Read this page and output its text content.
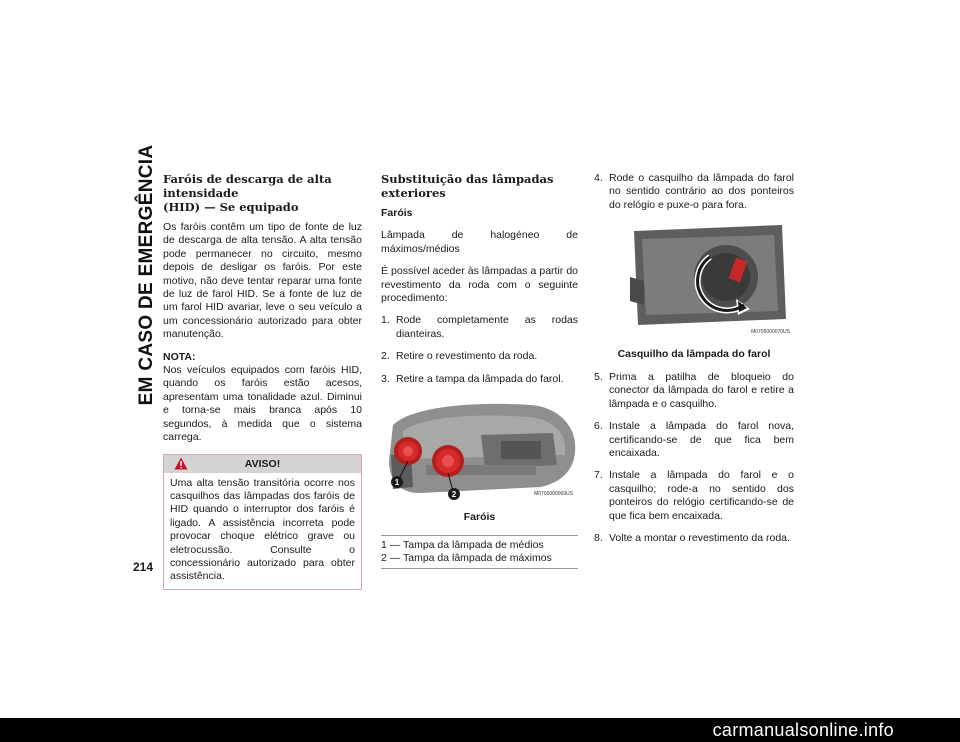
EM CASO DE EMERGÊNCIA
214
Faróis de descarga de alta intensidade
(HID) — Se equipado

Os faróis contêm um tipo de fonte de luz de descarga de alta tensão. A alta tensão pode permanecer no circuito, mesmo depois de desligar os faróis. Por este motivo, não deve tentar reparar uma fonte de luz de farol HID. Se a fonte de luz de um farol HID avariar, leve o seu veículo a um concessionário autorizado para obter manutenção.

NOTA:
Nos veículos equipados com faróis HID, quando os faróis estão acesos, apresentam uma tonalidade azul. Diminui e torna-se mais branca após 10 segundos, à medida que o sistema carrega.

AVISO!
Uma alta tensão transitória ocorre nos casquilhos das lâmpadas dos faróis de HID quando o interruptor dos faróis é ligado. A assistência incorreta pode provocar choque elétrico grave ou eletrocussão. Consulte o concessionário autorizado para obter assistência.
Substituição das lâmpadas exteriores

Faróis

Lâmpada de halogéneo de máximos/médios

É possível aceder às lâmpadas a partir do revestimento da roda com o seguinte procedimento:

1. Rode completamente as rodas dianteiras.
2. Retire o revestimento da roda.
3. Retire a tampa da lâmpada do farol.
1
2	M0705000069US
Faróis
1 — Tampa da lâmpada de médios
2 — Tampa da lâmpada de máximos
4. Rode o casquilho da lâmpada do farol no sentido contrário ao dos ponteiros do relógio e puxe-o para fora.
M0705000070US
Casquilho da lâmpada do farol
5. Prima a patilha de bloqueio do conector da lâmpada do farol e retire a lâmpada e o casquilho.
6. Instale a lâmpada do farol nova, certificando-se de que fica bem encaixada.
7. Instale a lâmpada do farol e o casquilho; rode-a no sentido dos ponteiros do relógio certificando-se de que fica bem encaixada.
8. Volte a montar o revestimento da roda.
carmanualsonline.info
